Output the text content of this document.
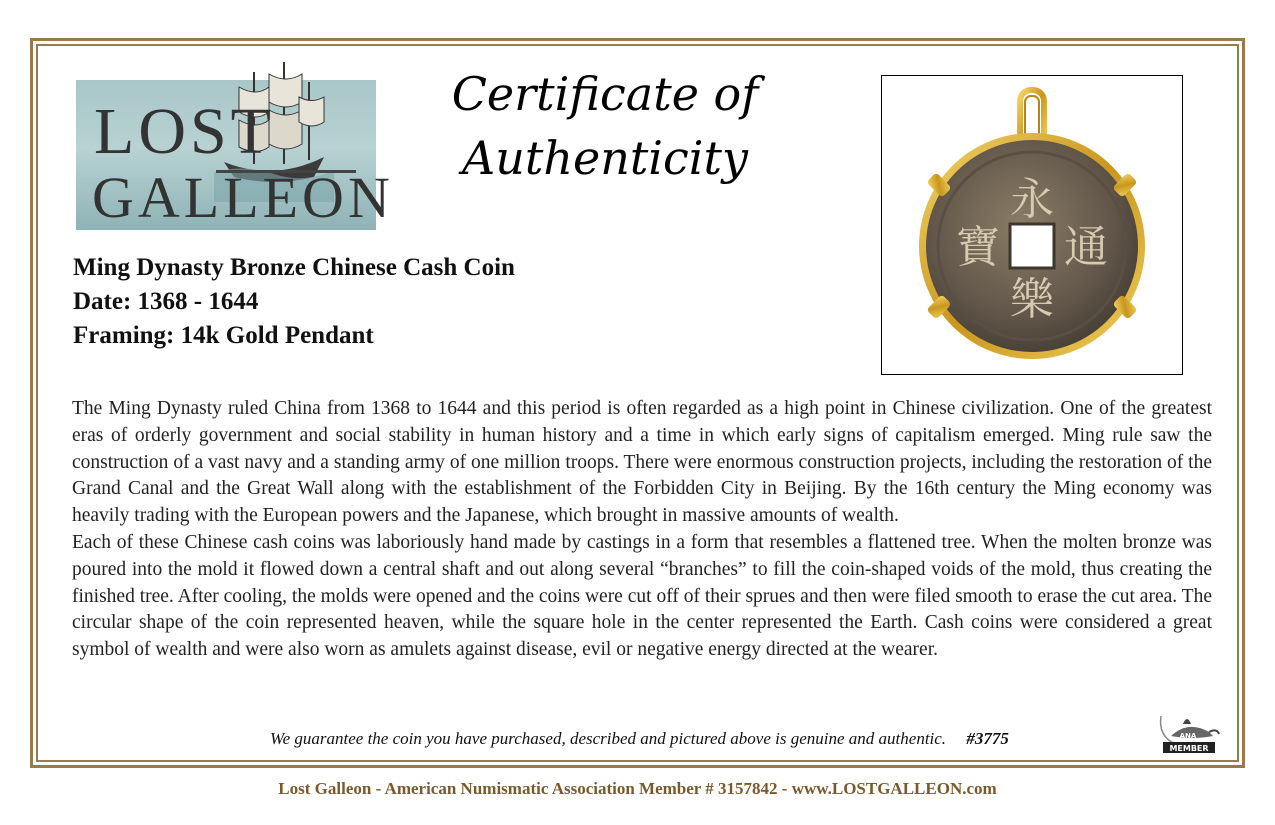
LOST
GALLEON
Certificate of
Authenticity
永
通
樂
寶
Ming Dynasty Bronze Chinese Cash Coin
Date: 1368 - 1644
Framing: 14k Gold Pendant

The Ming Dynasty ruled China from 1368 to 1644 and this period is often regarded as a high point in Chinese civilization. One of the greatest eras of orderly government and social stability in human history and a time in which early signs of capitalism emerged. Ming rule saw the construction of a vast navy and a standing army of one million troops. There were enormous construction projects, including the restoration of the Grand Canal and the Great Wall along with the establishment of the Forbidden City in Beijing. By the 16th century the Ming economy was heavily trading with the European powers and the Japanese, which brought in massive amounts of wealth.

Each of these Chinese cash coins was laboriously hand made by castings in a form that resembles a flattened tree. When the molten bronze was poured into the mold it flowed down a central shaft and out along several “branches” to fill the coin-shaped voids of the mold, thus creating the finished tree. After cooling, the molds were opened and the coins were cut off of their sprues and then were filed smooth to erase the cut area. The circular shape of the coin represented heaven, while the square hole in the center represented the Earth. Cash coins were considered a great symbol of wealth and were also worn as amulets against disease, evil or negative energy directed at the wearer.

We guarantee the coin you have purchased, described and pictured above is genuine and authentic. #3775	ANA
MEMBER
Lost Galleon - American Numismatic Association Member # 3157842 - www.LOSTGALLEON.com
